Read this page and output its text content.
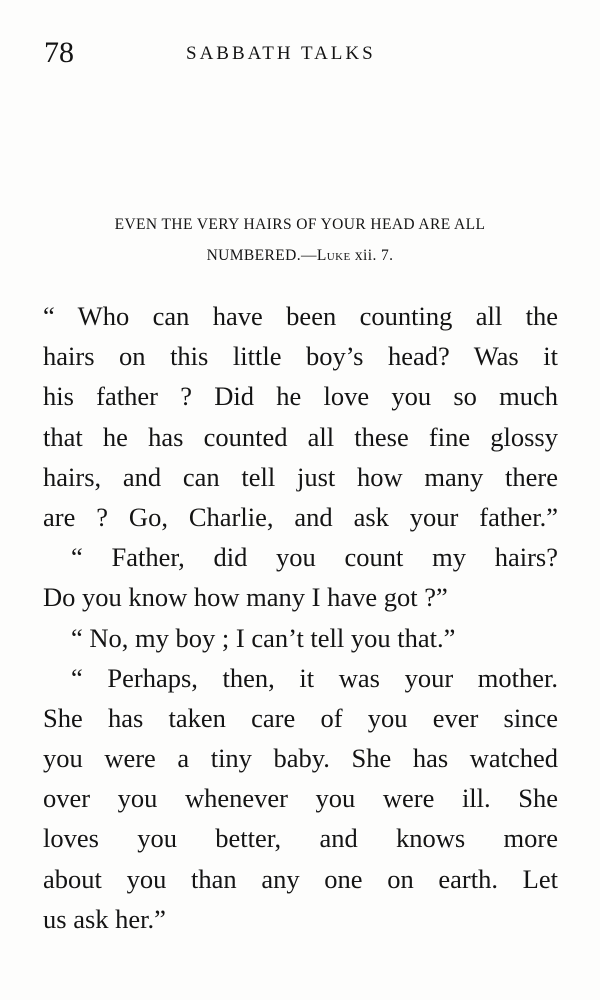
78	SABBATH TALKS
EVEN THE VERY HAIRS OF YOUR HEAD ARE ALL
NUMBERED.—Luke xii. 7.
“ Who can have been counting all the
hairs on this little boy’s head? Was it
his father ? Did he love you so much
that he has counted all these fine glossy
hairs, and can tell just how many there
are ? Go, Charlie, and ask your father.”
“ Father, did you count my hairs?
Do you know how many I have got ?”
“ No, my boy ; I can’t tell you that.”
“ Perhaps, then, it was your mother.
She has taken care of you ever since
you were a tiny baby. She has watched
over you whenever you were ill. She
loves you better, and knows more
about you than any one on earth. Let
us ask her.”
